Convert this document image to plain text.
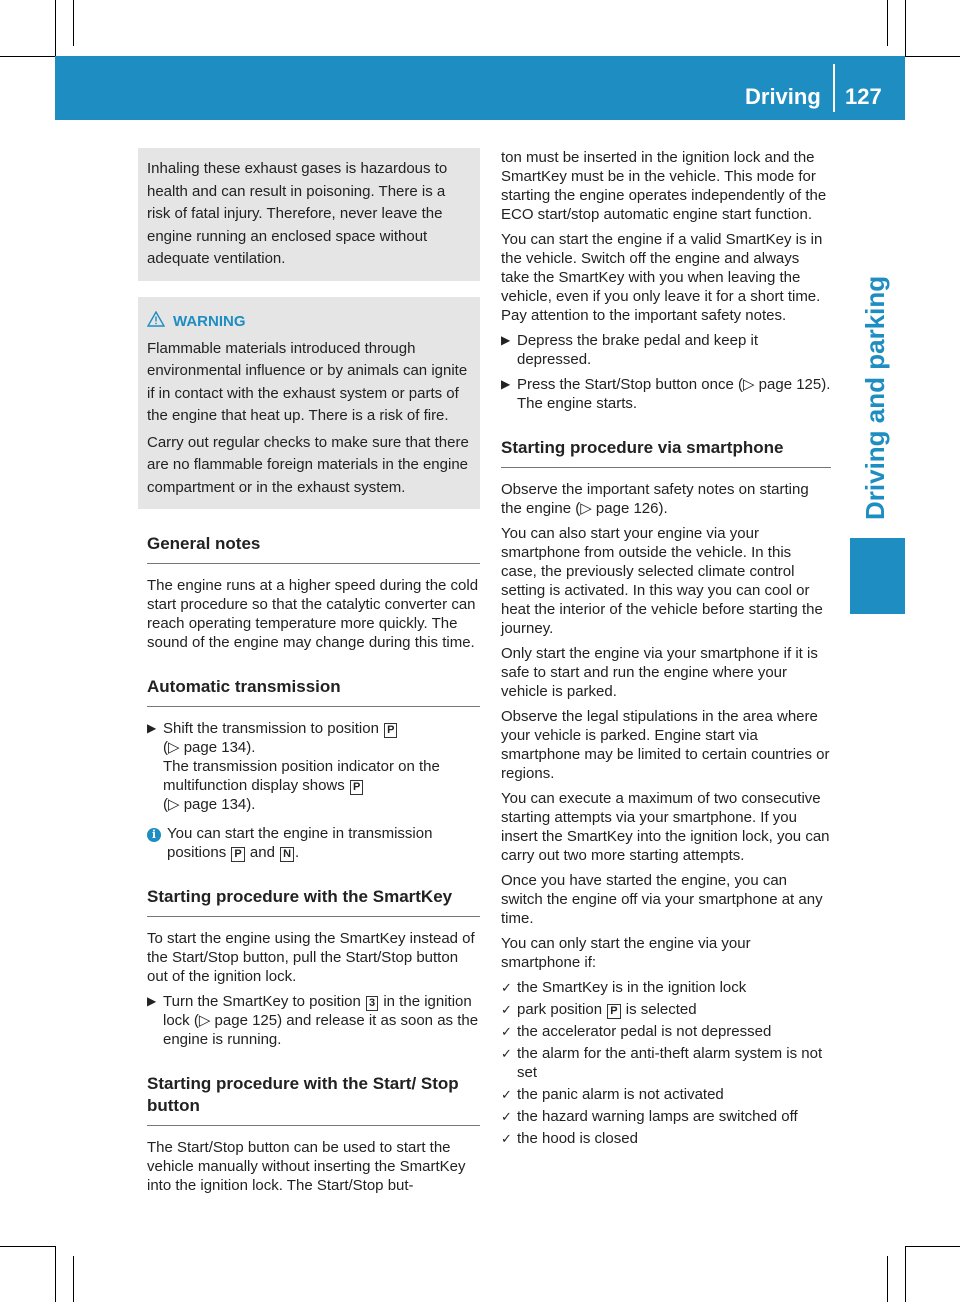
Driving 127
Driving and parking

Inhaling these exhaust gases is hazardous to health and can result in poisoning. There is a risk of fatal injury. Therefore, never leave the engine running an enclosed space without adequate ventilation.

WARNING

Flammable materials introduced through environmental influence or by animals can ignite if in contact with the exhaust system or parts of the engine that heat up. There is a risk of fire.

Carry out regular checks to make sure that there are no flammable foreign materials in the engine compartment or in the exhaust system.

General notes

The engine runs at a higher speed during the cold start procedure so that the catalytic converter can reach operating temperature more quickly. The sound of the engine may change during this time.

Automatic transmission
▶ Shift the transmission to position P
(▷ page 134).
The transmission position indicator on the multifunction display shows P
(▷ page 134).
i You can start the engine in transmission positions P and N .
Starting procedure with the SmartKey

To start the engine using the SmartKey instead of the Start/Stop button, pull the Start/Stop button out of the ignition lock.

▶ Turn the SmartKey to position 3 in the ignition lock (▷ page 125) and release it as soon as the engine is running.
Starting procedure with the Start/ Stop button

The Start/Stop button can be used to start the vehicle manually without inserting the SmartKey into the ignition lock. The Start/Stop but-

ton must be inserted in the ignition lock and the SmartKey must be in the vehicle. This mode for starting the engine operates independently of the ECO start/stop automatic engine start function.

You can start the engine if a valid SmartKey is in the vehicle. Switch off the engine and always take the SmartKey with you when leaving the vehicle, even if you only leave it for a short time. Pay attention to the important safety notes.

▶ Depress the brake pedal and keep it depressed.
▶ Press the Start/Stop button once (▷ page 125).
The engine starts.
Starting procedure via smartphone

Observe the important safety notes on starting the engine (▷ page 126).

You can also start your engine via your smartphone from outside the vehicle. In this case, the previously selected climate control setting is activated. In this way you can cool or heat the interior of the vehicle before starting the journey.

Only start the engine via your smartphone if it is safe to start and run the engine where your vehicle is parked.

Observe the legal stipulations in the area where your vehicle is parked. Engine start via smartphone may be limited to certain countries or regions.

You can execute a maximum of two consecutive starting attempts via your smartphone. If you insert the SmartKey into the ignition lock, you can carry out two more starting attempts.

Once you have started the engine, you can switch the engine off via your smartphone at any time.

You can only start the engine via your smartphone if:

✓ the SmartKey is in the ignition lock
✓ park position P is selected
✓ the accelerator pedal is not depressed
✓ the alarm for the anti-theft alarm system is not set
✓ the panic alarm is not activated
✓ the hazard warning lamps are switched off
✓ the hood is closed
